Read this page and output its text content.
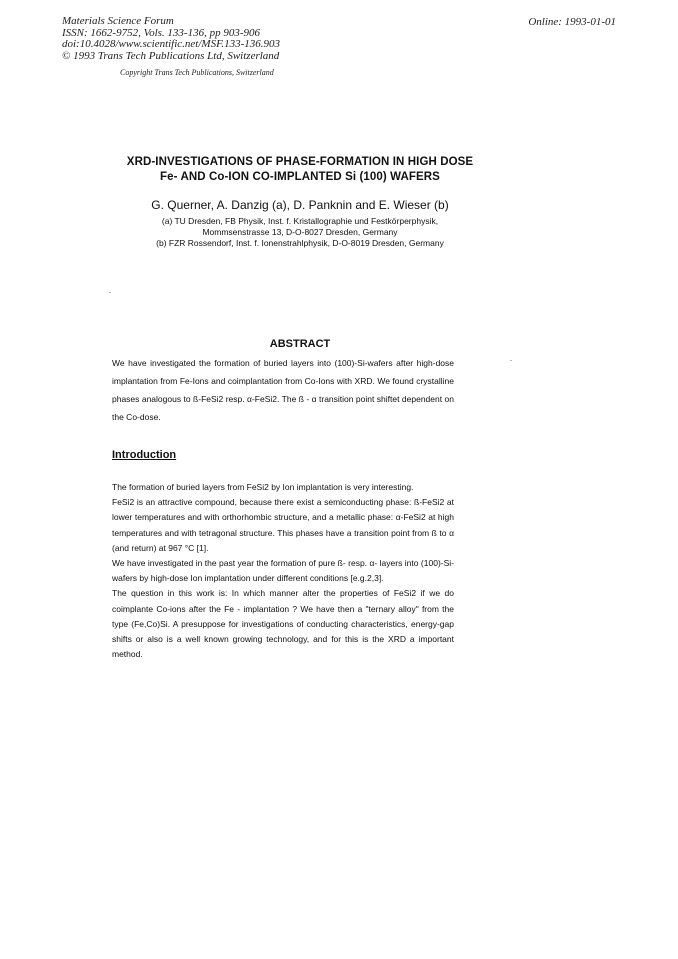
Materials Science Forum
ISSN: 1662-9752, Vols. 133-136, pp 903-906
doi:10.4028/www.scientific.net/MSF.133-136.903
© 1993 Trans Tech Publications Ltd, Switzerland
Online: 1993-01-01
Copyright Trans Tech Publications, Switzerland
XRD-INVESTIGATIONS OF PHASE-FORMATION IN HIGH DOSE
Fe- AND Co-ION CO-IMPLANTED Si (100) WAFERS
G. Querner, A. Danzig (a), D. Panknin and E. Wieser (b)
(a) TU Dresden, FB Physik, Inst. f. Kristallographie und Festkörperphysik,
Mommsenstrasse 13, D-O-8027 Dresden, Germany
(b) FZR Rossendorf, Inst. f. Ionenstrahlphysik, D-O-8019 Dresden, Germany
ABSTRACT
We have investigated the formation of buried layers into (100)-Si-wafers after high-dose implantation from Fe-Ions and coimplantation from Co-Ions with XRD. We found crystalline phases analogous to ß-FeSi2 resp. α-FeSi2. The ß - α transition point shiftet dependent on the Co-dose.
Introduction

The formation of buried layers from FeSi2 by Ion implantation is very interesting.

FeSi2 is an attractive compound, because there exist a semiconducting phase: ß-FeSi2 at lower temperatures and with orthorhombic structure, and a metallic phase: α-FeSi2 at high temperatures and with tetragonal structure. This phases have a transition point from ß to α (and return) at 967 °C [1].

We have investigated in the past year the formation of pure ß- resp. α- layers into (100)-Si-wafers by high-dose Ion implantation under different conditions [e.g.2,3].

The question in this work is: In which manner alter the properties of FeSi2 if we do coimplante Co-ions after the Fe - implantation ? We have then a "ternary alloy" from the type (Fe,Co)Si. A presuppose for investigations of conducting characteristics, energy-gap shifts or also is a well known growing technology, and for this is the XRD a important method.
